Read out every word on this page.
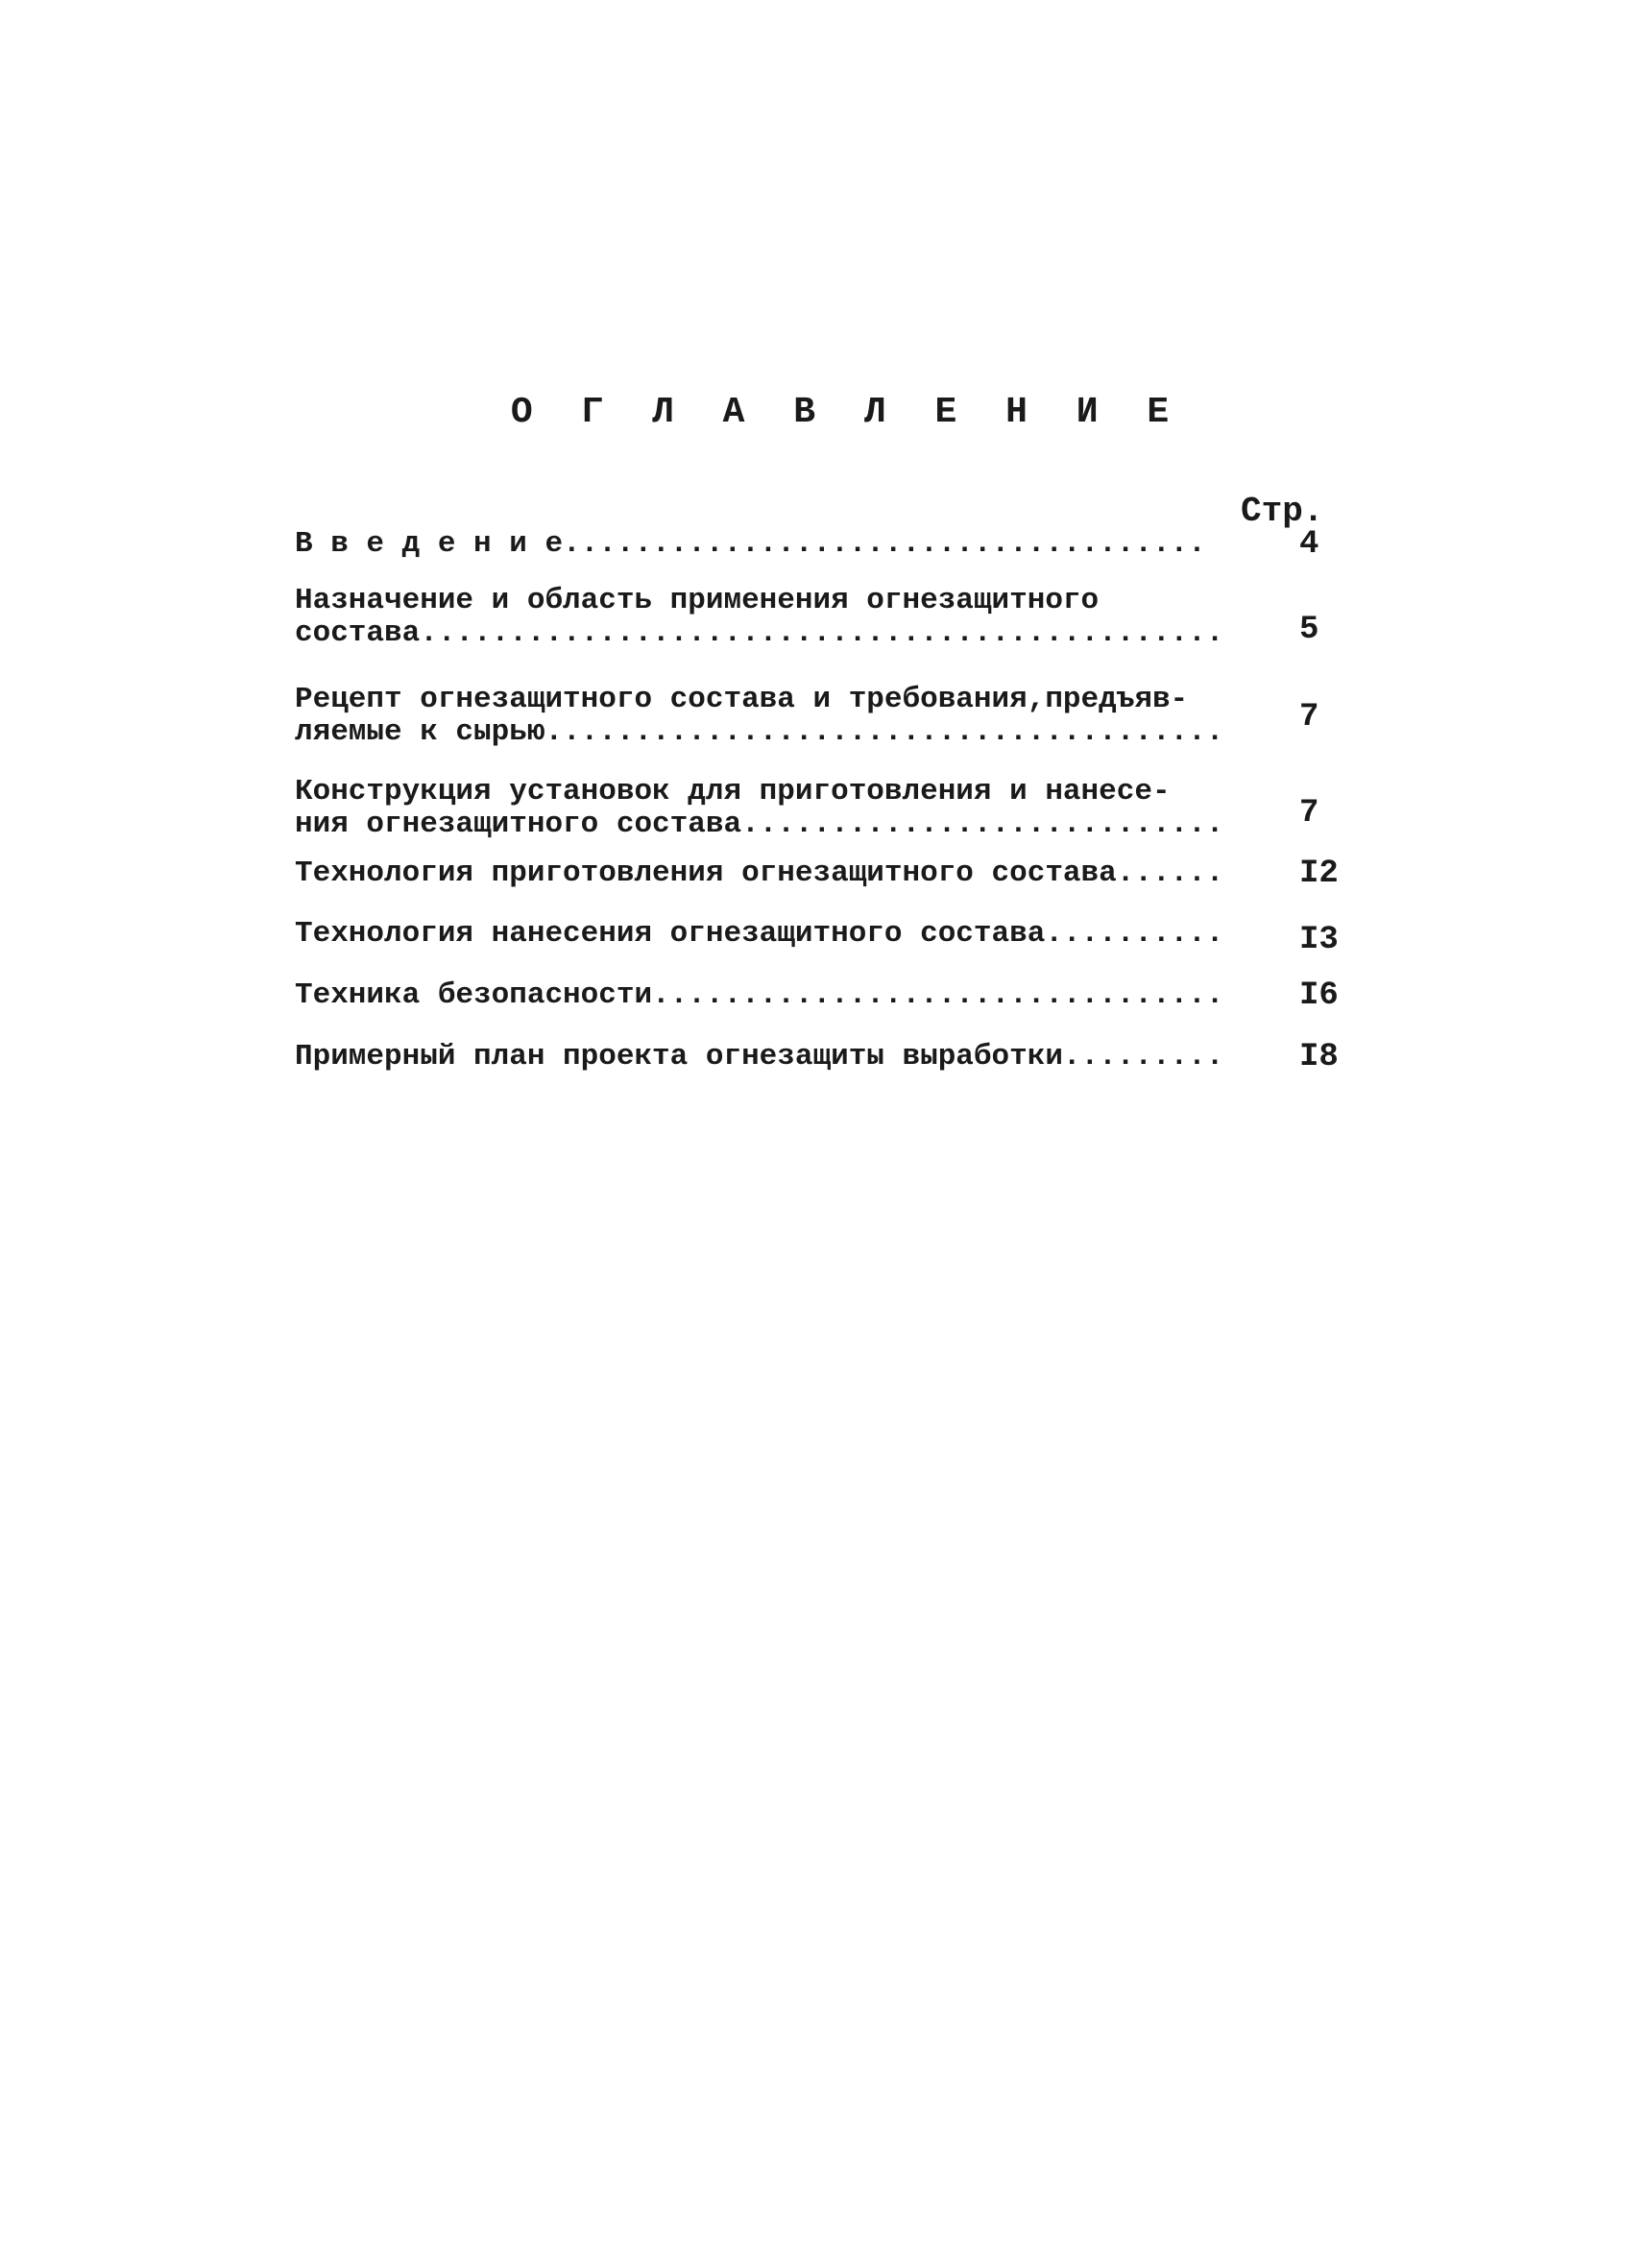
О Г Л А В Л Е Н И Е
Стр.
В в е д е н и е....................................	4
Назначение и область применения огнезащитного
состава.............................................	5
Рецепт огнезащитного состава и требования,предъяв-
ляемые к сырью......................................	7
Конструкция установок для приготовления и нанесе-
ния огнезащитного состава...........................	7
Технология приготовления огнезащитного состава......	I2
Технология нанесения огнезащитного состава..........	I3
Техника безопасности................................	I6
Примерный план проекта огнезащиты выработки.........	I8
